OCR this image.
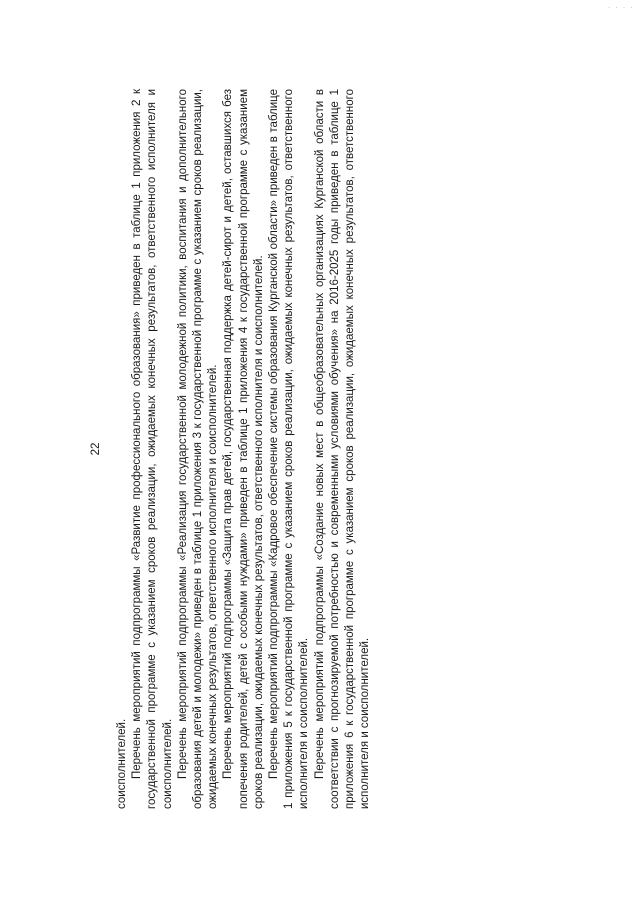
· · · ·
22

соисполнителей. Перечень мероприятий подпрограммы «Развитие профессионального образования» приведен в таблице 1 приложения 2 к государственной программе с указанием сроков реализации, ожидаемых конечных результатов, ответственного исполнителя и соисполнителей. Перечень мероприятий подпрограммы «Реализация государственной молодежной политики, воспитания и дополнительного образования детей и молодежи» приведен в таблице 1 приложения 3 к государственной программе с указанием сроков реализации, ожидаемых конечных результатов, ответственного исполнителя и соисполнителей. Перечень мероприятий подпрограммы «Защита прав детей, государственная поддержка детей-сирот и детей, оставшихся без попечения родителей, детей с особыми нуждами» приведен в таблице 1 приложения 4 к государственной программе с указанием сроков реализации, ожидаемых конечных результатов, ответственного исполнителя и соисполнителей. Перечень мероприятий подпрограммы «Кадровое обеспечение системы образования Курганской области» приведен в таблице 1 приложения 5 к государственной программе с указанием сроков реализации, ожидаемых конечных результатов, ответственного исполнителя и соисполнителей. Перечень мероприятий подпрограммы «Создание новых мест в общеобразовательных организациях Курганской области в соответствии с прогнозируемой потребностью и современными условиями обучения» на 2016-2025 годы приведен в таблице 1 приложения 6 к государственной программе с указанием сроков реализации, ожидаемых конечных результатов, ответственного исполнителя и соисполнителей.
